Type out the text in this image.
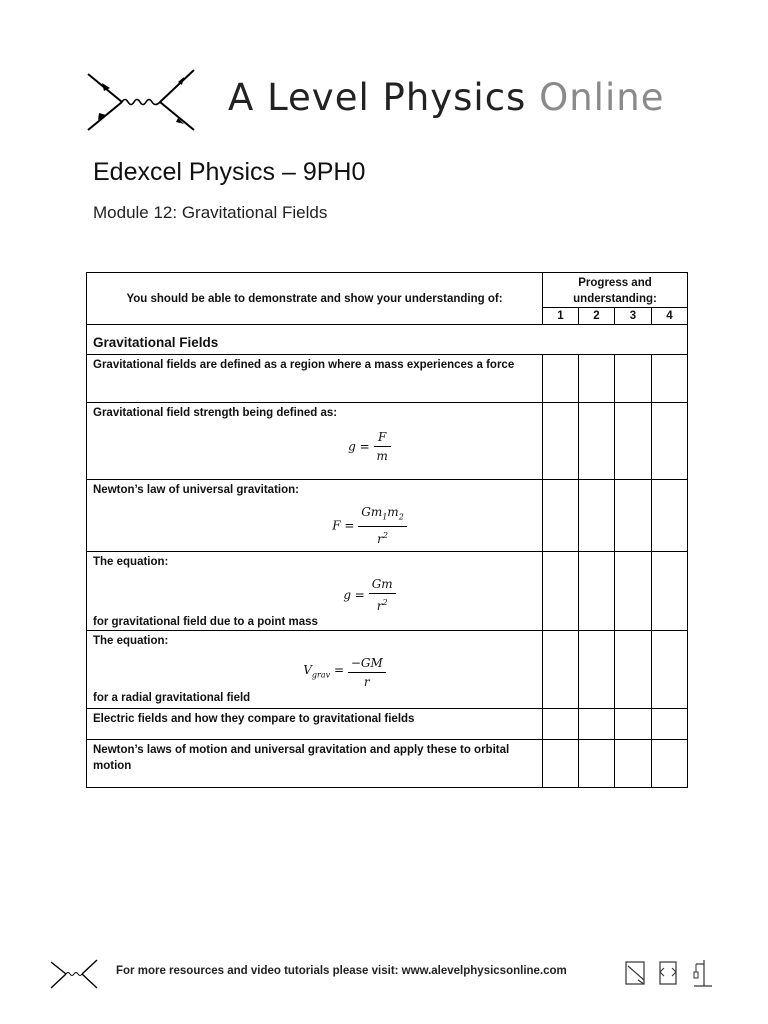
A Level Physics Online
Edexcel Physics – 9PH0
Module 12: Gravitational Fields
You should be able to demonstrate and show your understanding of:	Progress and understanding:			
	1	2	3	4
Gravitational Fields				
Gravitational fields are defined as a region where a mass experiences a force				
Gravitational field strength being defined as:
$g = \frac{F}{m}$

Newton’s law of universal gravitation:
$F = \frac{Gm_1m_2}{r^2}$

The equation:
$g = \frac{Gm}{r^2}$
for gravitational field due to a point mass				
The equation:
$V_{grav} = \frac{-GM}{r}$
for a radial gravitational field				
Electric fields and how they compare to gravitational fields				
Newton’s laws of motion and universal gravitation and apply these to orbital motion				
For more resources and video tutorials please visit: www.alevelphysicsonline.com
